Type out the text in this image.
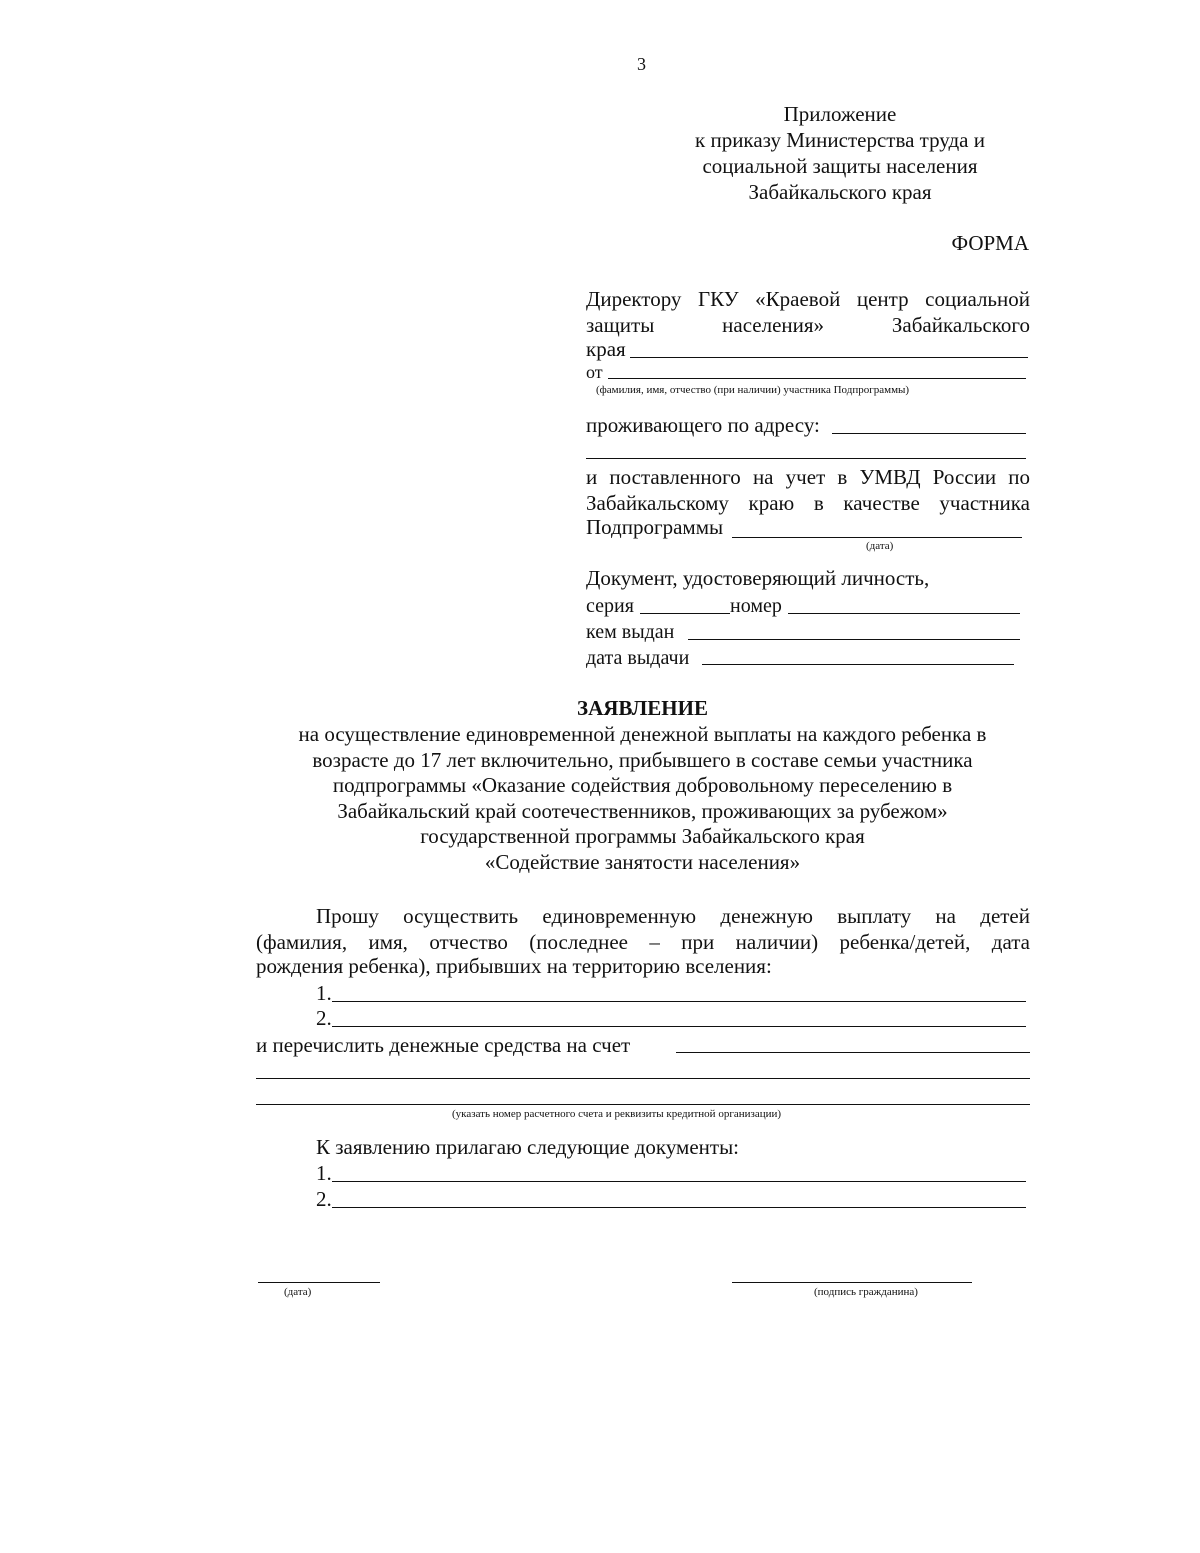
3
Приложение
к приказу Министерства труда и
социальной защиты населения
Забайкальского края
ФОРМА
Директору ГКУ «Краевой центр социальной
защиты населения» Забайкальского
края
от
(фамилия, имя, отчество (при наличии) участника Подпрограммы)
проживающего по адресу:
и поставленного на учет в УМВД России по
Забайкальскому краю в качестве участника
Подпрограммы
(дата)
Документ, удостоверяющий личность,
серия	номер
кем выдан
дата выдачи
ЗАЯВЛЕНИЕ
на осуществление единовременной денежной выплаты на каждого ребенка в
возрасте до 17 лет включительно, прибывшего в составе семьи участника
подпрограммы «Оказание содействия добровольному переселению в
Забайкальский край соотечественников, проживающих за рубежом»
государственной программы Забайкальского края
«Содействие занятости населения»
Прошу осуществить единовременную денежную выплату на детей
(фамилия, имя, отчество (последнее – при наличии) ребенка/детей, дата
рождения ребенка), прибывших на территорию вселения:
1.
2.
и перечислить денежные средства на счет
(указать номер расчетного счета и реквизиты кредитной организации)
К заявлению прилагаю следующие документы:
1.
2.
(дата)	(подпись гражданина)
